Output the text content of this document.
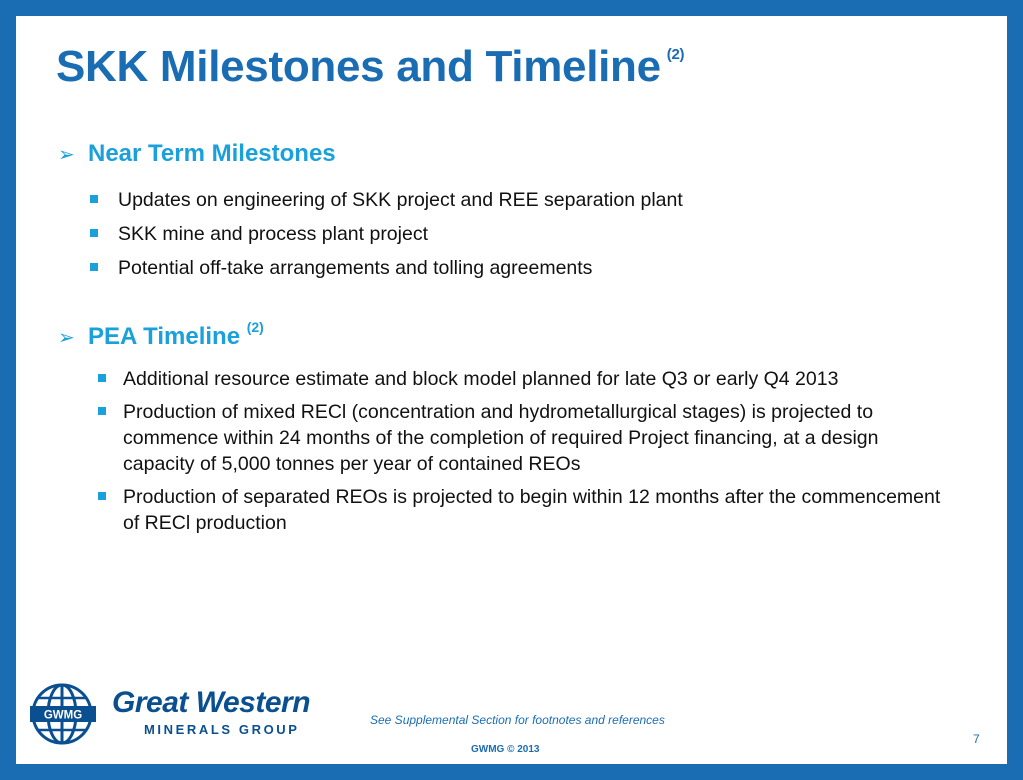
SKK Milestones and Timeline $^{(2)}$
➢ Near Term Milestones
Updates on engineering of SKK project and REE separation plant
SKK mine and process plant project
Potential off-take arrangements and tolling agreements
➢ PEA Timeline $^{(2)}$
Additional resource estimate and block model planned for late Q3 or early Q4 2013
Production of mixed RECl (concentration and hydrometallurgical stages) is projected to commence within 24 months of the completion of required Project financing, at a design capacity of 5,000 tonnes per year of contained REOs
Production of separated REOs is projected to begin within 12 months after the commencement of RECl production
GWMG Great Western
MINERALS GROUP
See Supplemental Section for footnotes and references
GWMG © 2013
7
